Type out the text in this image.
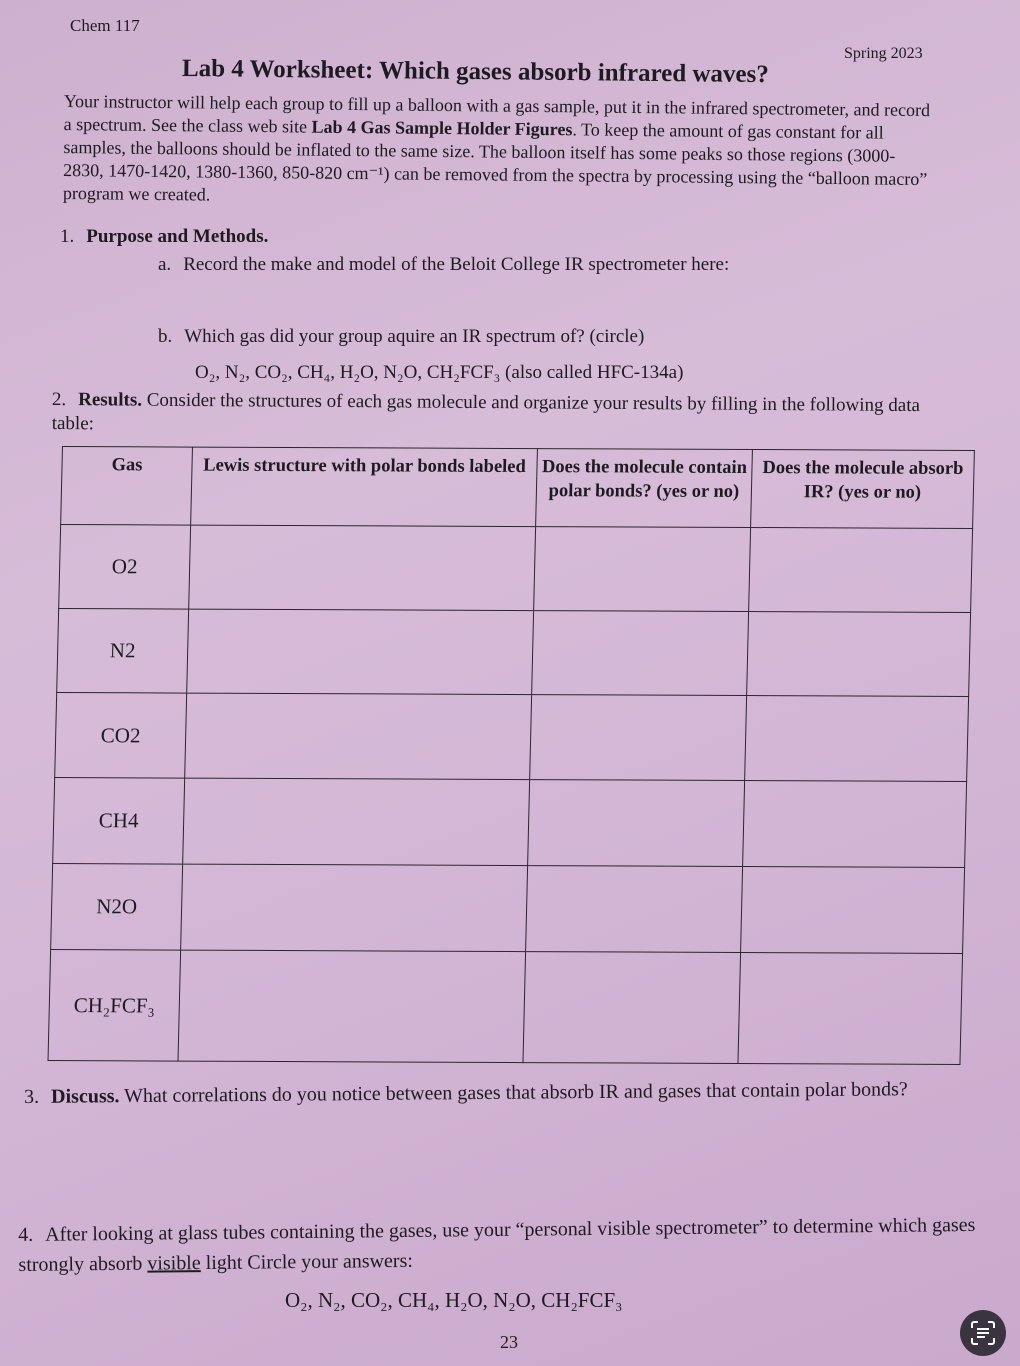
Chem 117
Spring 2023
Lab 4 Worksheet: Which gases absorb infrared waves?
Your instructor will help each group to fill up a balloon with a gas sample, put it in the infrared spectrometer, and record a spectrum. See the class web site Lab 4 Gas Sample Holder Figures. To keep the amount of gas constant for all samples, the balloons should be inflated to the same size. The balloon itself has some peaks so those regions (3000-2830, 1470-1420, 1380-1360, 850-820 cm⁻¹) can be removed from the spectra by processing using the “balloon macro” program we created.
1. Purpose and Methods.
a. Record the make and model of the Beloit College IR spectrometer here:
b. Which gas did your group aquire an IR spectrum of? (circle)
O₂, N₂, CO₂, CH₄, H₂O, N₂O, CH₂FCF₃ (also called HFC-134a)
2. Results. Consider the structures of each gas molecule and organize your results by filling in the following data table:
Gas	Lewis structure with polar bonds labeled	Does the molecule contain polar bonds? (yes or no)	Does the molecule absorb IR? (yes or no)
O2			
N2			
CO2			
CH4			
N2O			
CH₂FCF₃			
3. Discuss. What correlations do you notice between gases that absorb IR and gases that contain polar bonds?
4. After looking at glass tubes containing the gases, use your “personal visible spectrometer” to determine which gases strongly absorb visible light Circle your answers:
O₂, N₂, CO₂, CH₄, H₂O, N₂O, CH₂FCF₃
23
